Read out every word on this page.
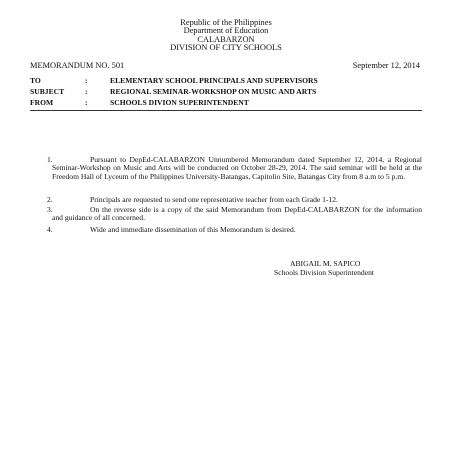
Republic of the Philippines
Department of Education
CALABARZON
DIVISION OF CITY SCHOOLS
MEMORANDUM NO. 501	September 12, 2014
TO	:	ELEMENTARY SCHOOL PRINCIPALS AND SUPERVISORS
SUBJECT	:	REGIONAL SEMINAR-WORKSHOP ON MUSIC AND ARTS
FROM	:	SCHOOLS DIVION SUPERINTENDENT
1.	Pursuant to DepEd-CALABARZON Unnumbered Memorandum dated September 12, 2014, a Regional Seminar-Workshop on Music and Arts will be conducted on October 28-29, 2014. The said seminar will be held at the Freedom Hall of Lyceum of the Philippines University-Batangas, Capitolio Site, Batangas City from 8 a.m to 5 p.m.
2.	Principals are requested to send one representative teacher from each Grade 1-12.
3.	On the reverse side is a copy of the said Memorandum from DepEd-CALABARZON for the information and guidance of all concerned.
4.	Wide and immediate dissemination of this Memorandum is desired.
ABIGAIL M. SAPICO
Schools Division Superintendent
